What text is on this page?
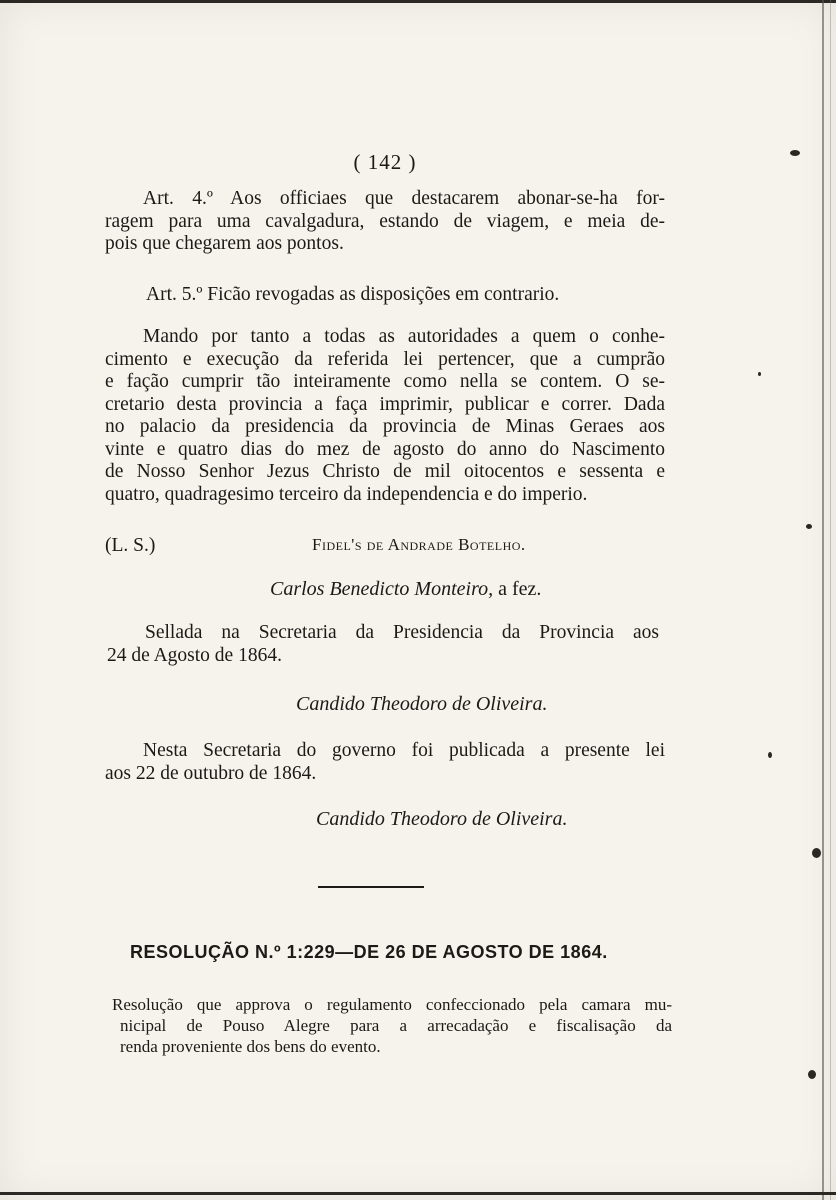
( 142 )
Art. 4.º Aos officiaes que destacarem abonar-se-ha for-
ragem para uma cavalgadura, estando de viagem, e meia de-
pois que chegarem aos pontos.
Art. 5.º Ficão revogadas as disposições em contrario.
Mando por tanto a todas as autoridades a quem o conhe-
cimento e execução da referida lei pertencer, que a cumprão
e fação cumprir tão inteiramente como nella se contem. O se-
cretario desta provincia a faça imprimir, publicar e correr. Dada
no palacio da presidencia da provincia de Minas Geraes aos
vinte e quatro dias do mez de agosto do anno do Nascimento
de Nosso Senhor Jezus Christo de mil oitocentos e sessenta e
quatro, quadragesimo terceiro da independencia e do imperio.
(L. S.)	Fidel's de Andrade Botelho.
Carlos Benedicto Monteiro, a fez.
Sellada na Secretaria da Presidencia da Provincia aos
24 de Agosto de 1864.
Candido Theodoro de Oliveira.
Nesta Secretaria do governo foi publicada a presente lei
aos 22 de outubro de 1864.
Candido Theodoro de Oliveira.
RESOLUÇÃO N.º 1:229—DE 26 DE AGOSTO DE 1864.
Resolução que approva o regulamento confeccionado pela camara mu-
nicipal de Pouso Alegre para a arrecadação e fiscalisação da
renda proveniente dos bens do evento.
